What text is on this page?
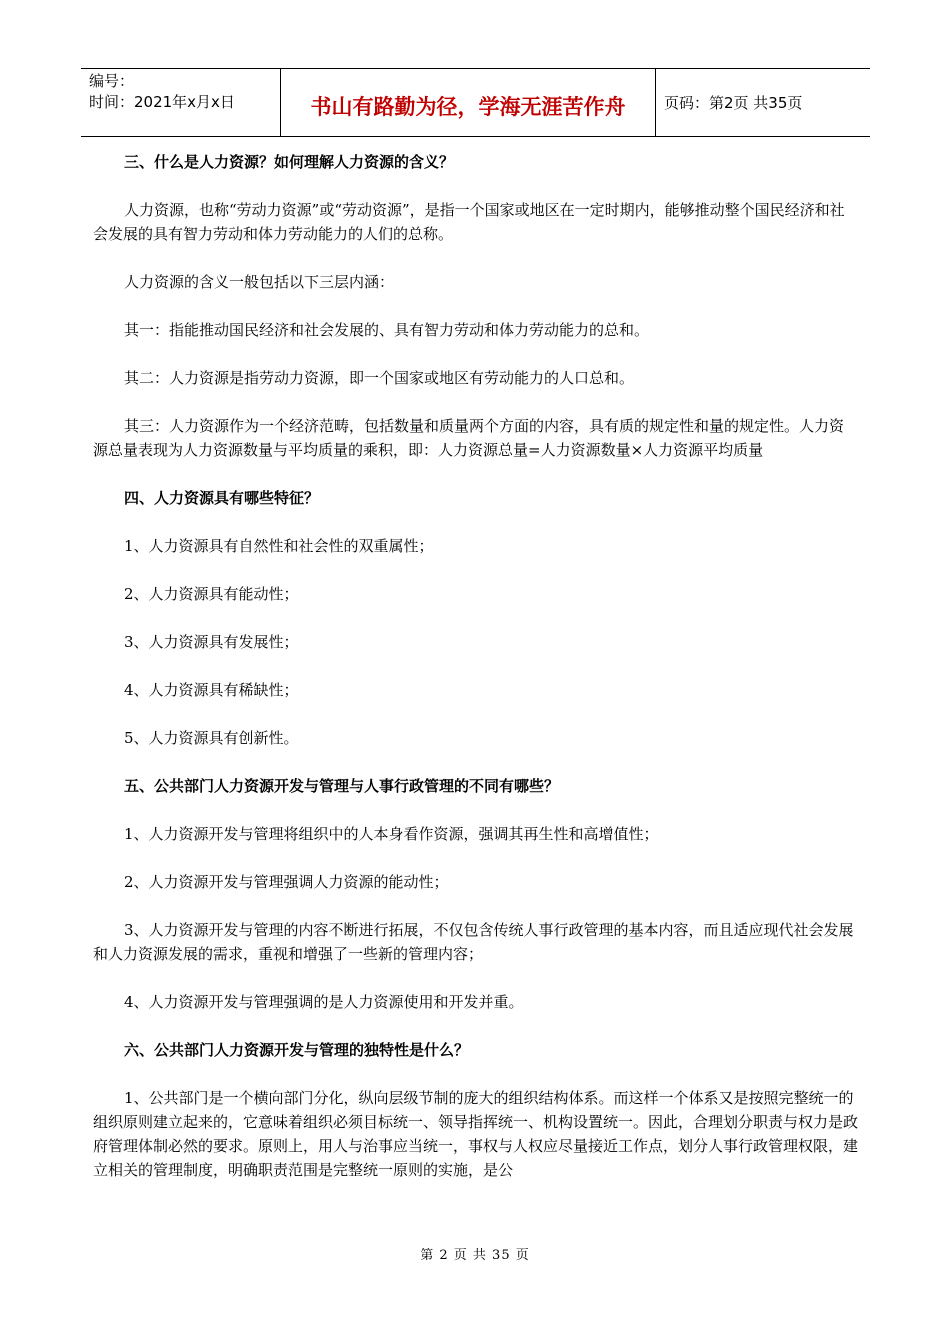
编号：
时间：2021年x月x日	书山有路勤为径，学海无涯苦作舟	页码：第2页 共35页

三、什么是人力资源？如何理解人力资源的含义？

人力资源，也称“劳动力资源”或“劳动资源”，是指一个国家或地区在一定时期内，能够推动整个国民经济和社会发展的具有智力劳动和体力劳动能力的人们的总称。

人力资源的含义一般包括以下三层内涵：

其一：指能推动国民经济和社会发展的、具有智力劳动和体力劳动能力的总和。

其二：人力资源是指劳动力资源，即一个国家或地区有劳动能力的人口总和。

其三：人力资源作为一个经济范畴，包括数量和质量两个方面的内容，具有质的规定性和量的规定性。人力资源总量表现为人力资源数量与平均质量的乘积，即：人力资源总量=人力资源数量×人力资源平均质量

四、人力资源具有哪些特征？

1、人力资源具有自然性和社会性的双重属性；

2、人力资源具有能动性；

3、人力资源具有发展性；

4、人力资源具有稀缺性；

5、人力资源具有创新性。

五、公共部门人力资源开发与管理与人事行政管理的不同有哪些？

1、人力资源开发与管理将组织中的人本身看作资源，强调其再生性和高增值性；

2、人力资源开发与管理强调人力资源的能动性；

3、人力资源开发与管理的内容不断进行拓展，不仅包含传统人事行政管理的基本内容，而且适应现代社会发展和人力资源发展的需求，重视和增强了一些新的管理内容；

4、人力资源开发与管理强调的是人力资源使用和开发并重。

六、公共部门人力资源开发与管理的独特性是什么？

1、公共部门是一个横向部门分化，纵向层级节制的庞大的组织结构体系。而这样一个体系又是按照完整统一的组织原则建立起来的，它意味着组织必须目标统一、领导指挥统一、机构设置统一。因此，合理划分职责与权力是政府管理体制必然的要求。原则上，用人与治事应当统一，事权与人权应尽量接近工作点，划分人事行政管理权限，建立相关的管理制度，明确职责范围是完整统一原则的实施，是公

第 2 页 共 35 页
